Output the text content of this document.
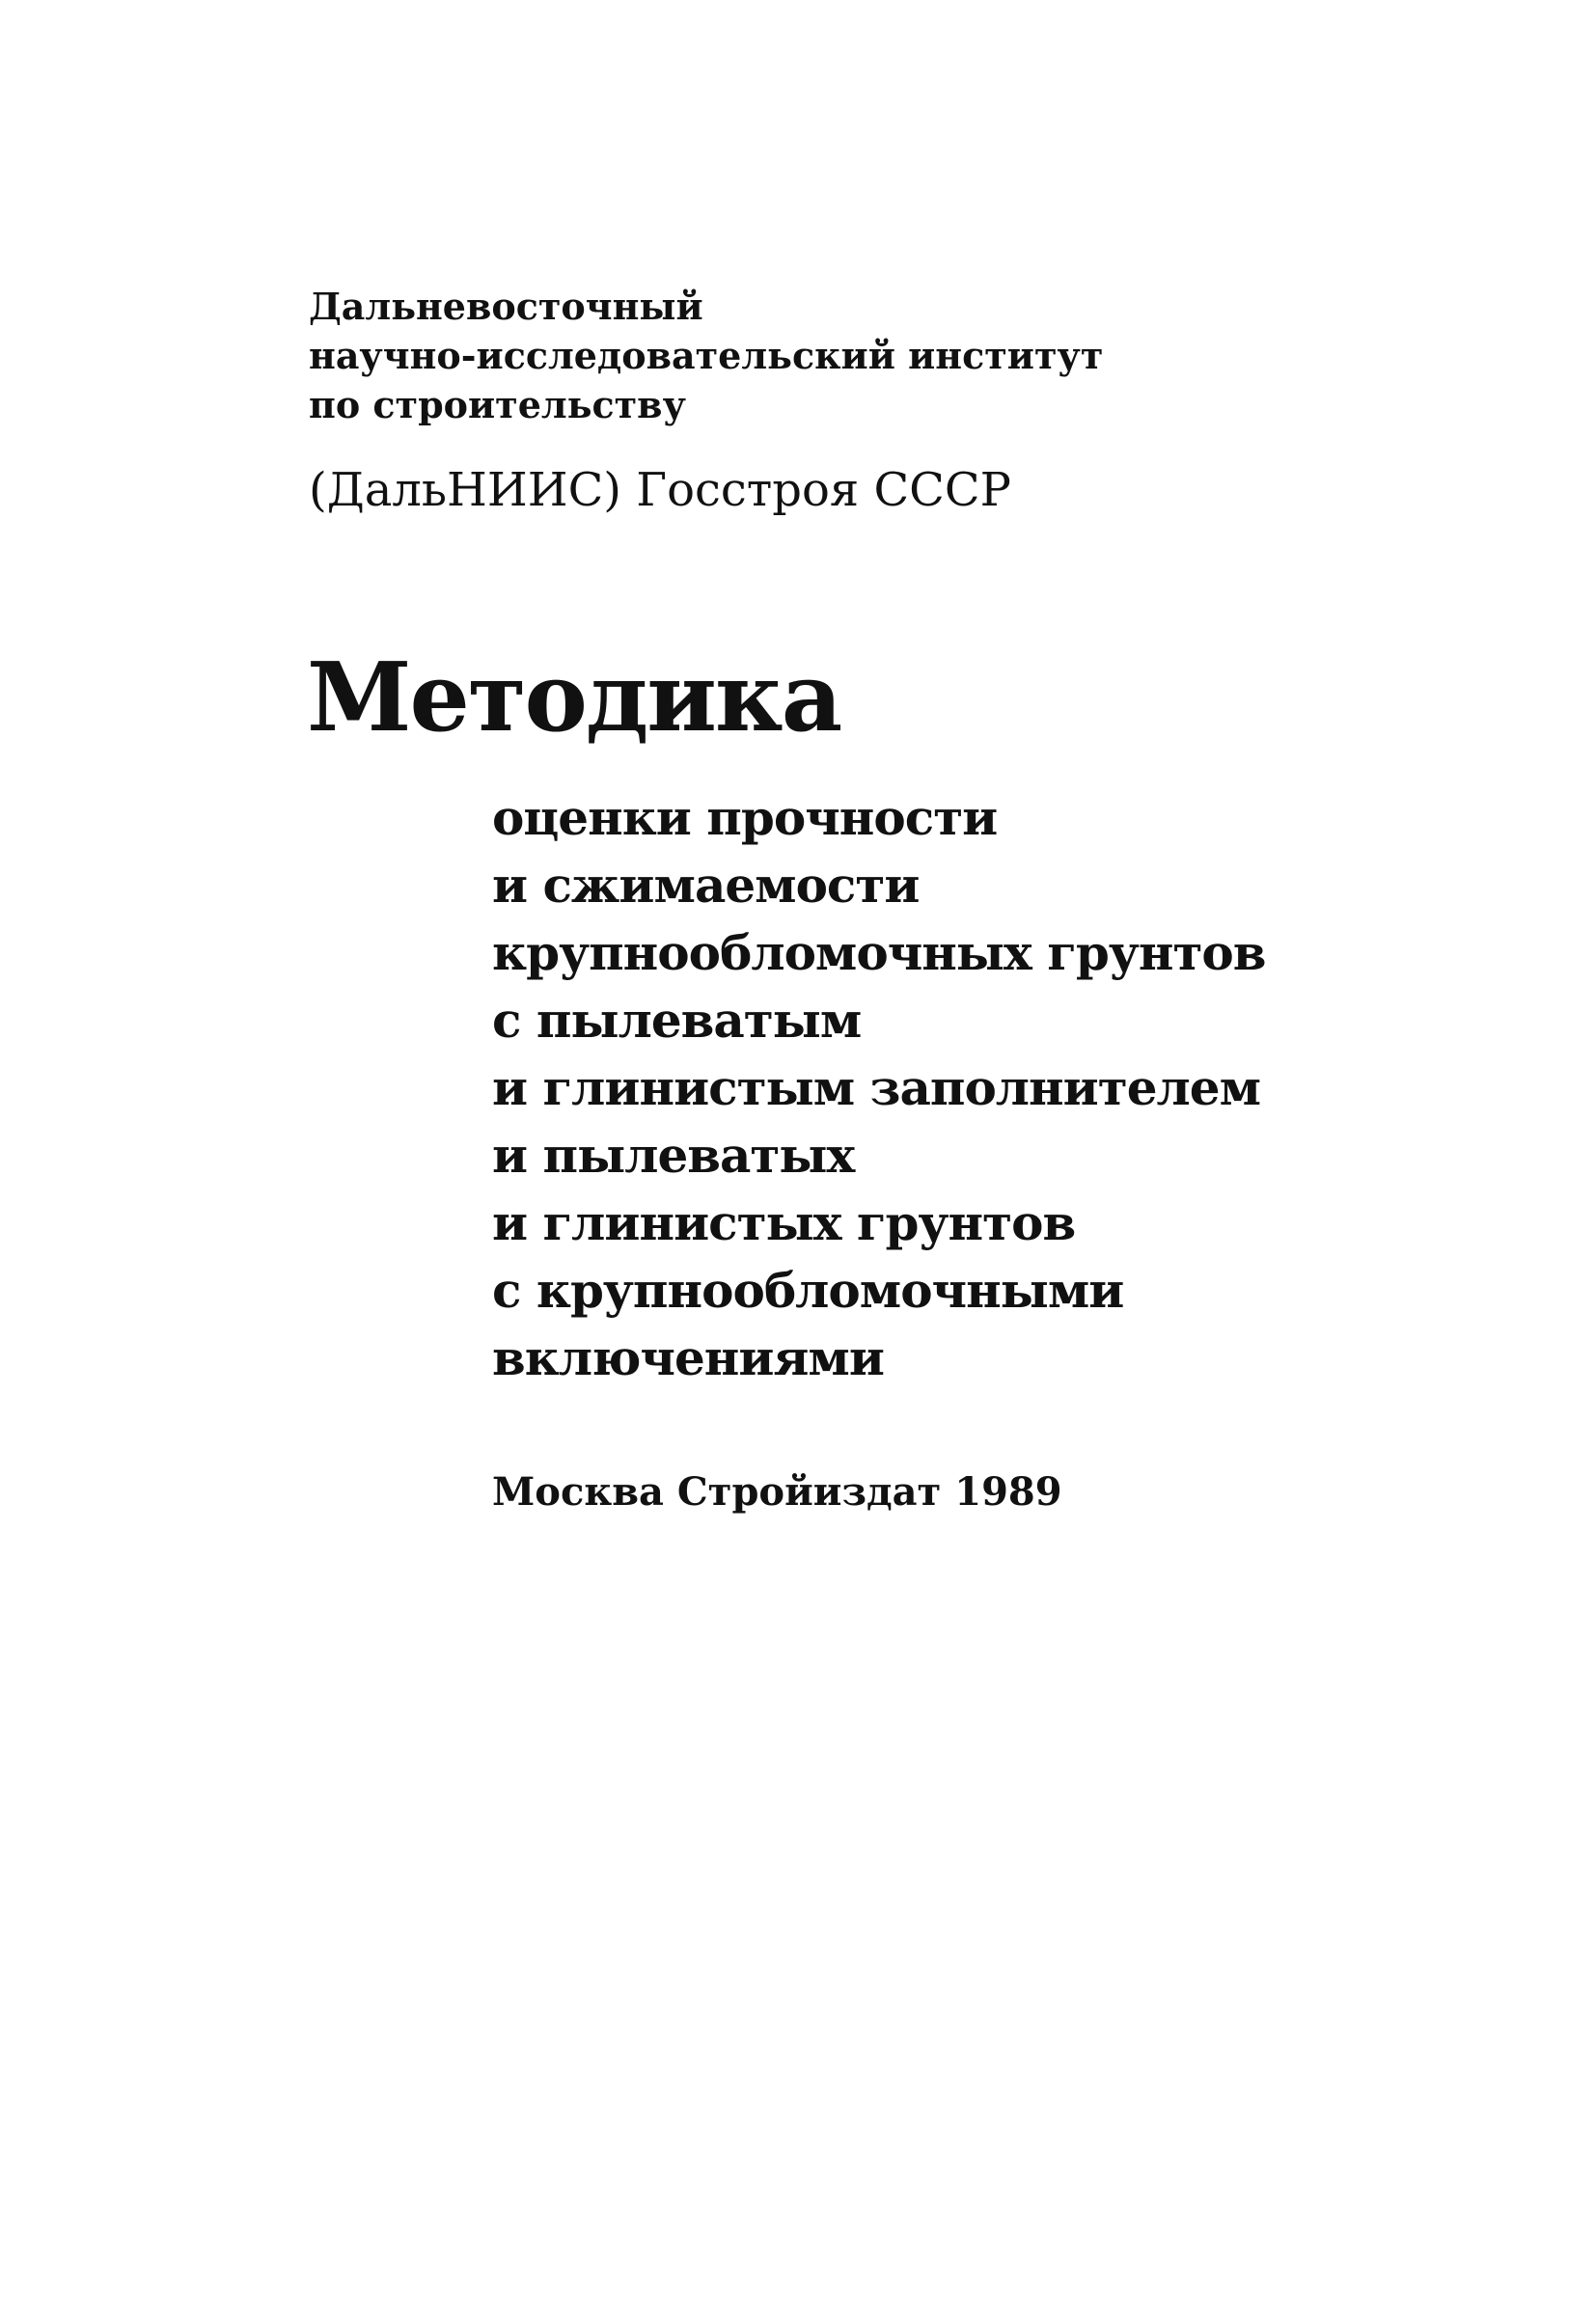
Дальневосточный
научно-исследовательский институт
по строительству
(ДальНИИС) Госстроя СССР
Методика
оценки прочности
и сжимаемости
крупнообломочных грунтов
с пылеватым
и глинистым заполнителем
и пылеватых
и глинистых грунтов
с крупнообломочными
включениями
Москва Стройиздат 1989
